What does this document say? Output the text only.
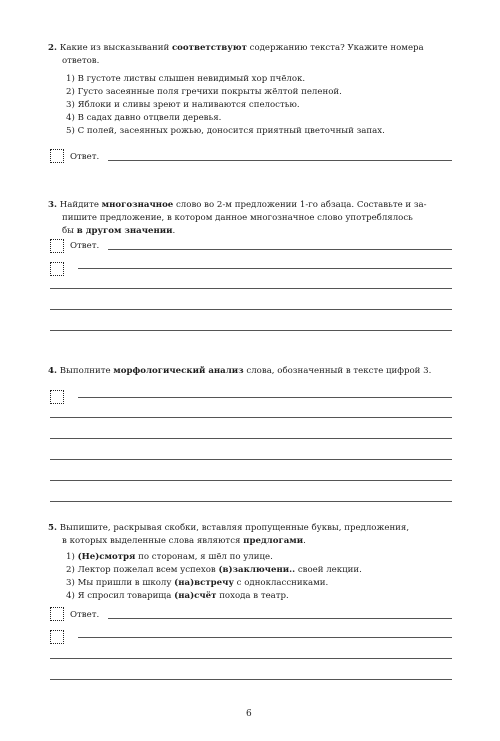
2. Какие из высказываний соответствуют содержанию текста? Укажите номера
ответов.
1) В густоте листвы слышен невидимый хор пчёлок.
2) Густо засеянные поля гречихи покрыты жёлтой пеленой.
3) Яблоки и сливы зреют и наливаются спелостью.
4) В садах давно отцвели деревья.
5) С полей, засеянных рожью, доносится приятный цветочный запах.
Ответ.
3. Найдите многозначное слово во 2-м предложении 1-го абзаца. Составьте и за-
пишите предложение, в котором данное многозначное слово употреблялось
бы в другом значении.
Ответ.
4. Выполните морфологический анализ слова, обозначенный в тексте цифрой 3.
5. Выпишите, раскрывая скобки, вставляя пропущенные буквы, предложения,
в которых выделенные слова являются предлогами.
1) (Не)смотря по сторонам, я шёл по улице.
2) Лектор пожелал всем успехов (в)заключени.. своей лекции.
3) Мы пришли в школу (на)встречу с одноклассниками.
4) Я спросил товарища (на)счёт похода в театр.
Ответ.
6
